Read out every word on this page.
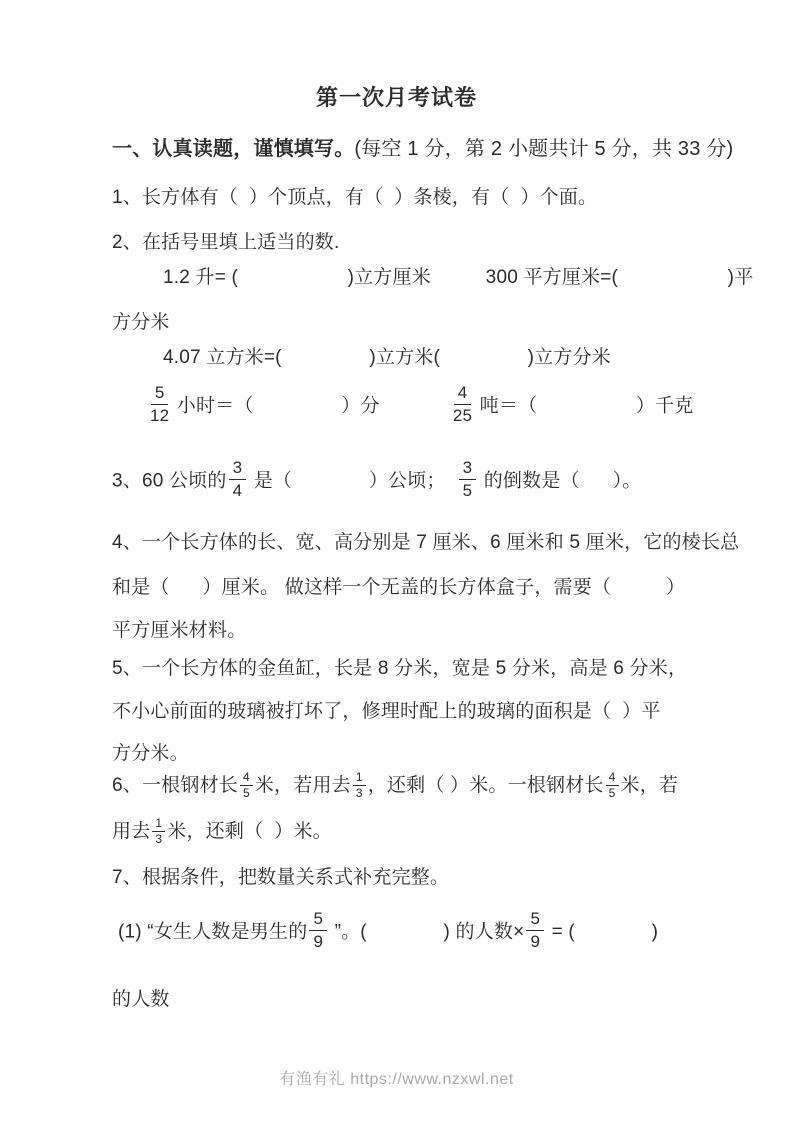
第一次月考试卷
一、认真读题，谨慎填写。(每空 1 分，第 2 小题共计 5 分，共 33 分)
1、长方体有（  ）个顶点，有（  ）条棱，有（  ）个面。
2、在括号里填上适当的数.
1.2 升= (                    )立方厘米          300 平方厘米=(                    )平
方分米
4.07 立方米=(                )立方米(                )立方分米
$\frac{5}{12}$ 小时＝（                ）分 $\frac{4}{25}$ 吨＝（                  ）千克
3、60 公顷的 $\frac{3}{4}$ 是（              ）公顷； $\frac{3}{5}$ 的倒数是（      ）。
4、一个长方体的长、宽、高分别是 7 厘米、6 厘米和 5 厘米，它的棱长总
和是（      ）厘米。 做这样一个无盖的长方体盒子，需要（          ）
平方厘米材料。
5、一个长方体的金鱼缸，长是 8 分米，宽是 5 分米，高是 6 分米，
不小心前面的玻璃被打坏了，修理时配上的玻璃的面积是（  ）平
方分米。
6、一根钢材长 $\frac{4}{5}$ 米，若用去 $\frac{1}{3}$ ，还剩（ ）米。一根钢材长 $\frac{4}{5}$ 米，若
用去 $\frac{1}{3}$ 米，还剩（  ）米。
7、根据条件，把数量关系式补充完整。
(1) “女生人数是男生的 $\frac{5}{9}$ ”。(              ) 的人数× $\frac{5}{9}$ = (              )
的人数
有渔有礼 https://www.nzxwl.net
